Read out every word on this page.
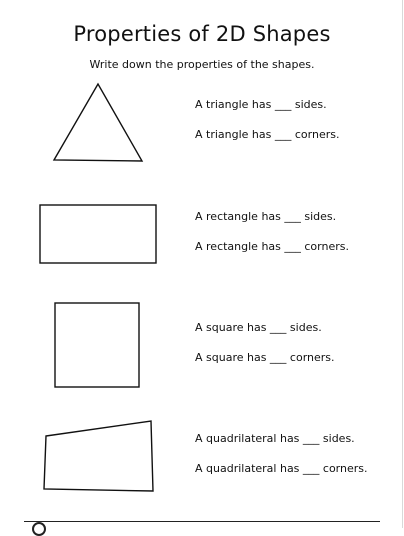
Properties of 2D Shapes

Write down the properties of the shapes.

A triangle has ___ sides.
A triangle has ___ corners.
A rectangle has ___ sides.
A rectangle has ___ corners.
A square has ___ sides.
A square has ___ corners.
A quadrilateral has ___ sides.
A quadrilateral has ___ corners.
